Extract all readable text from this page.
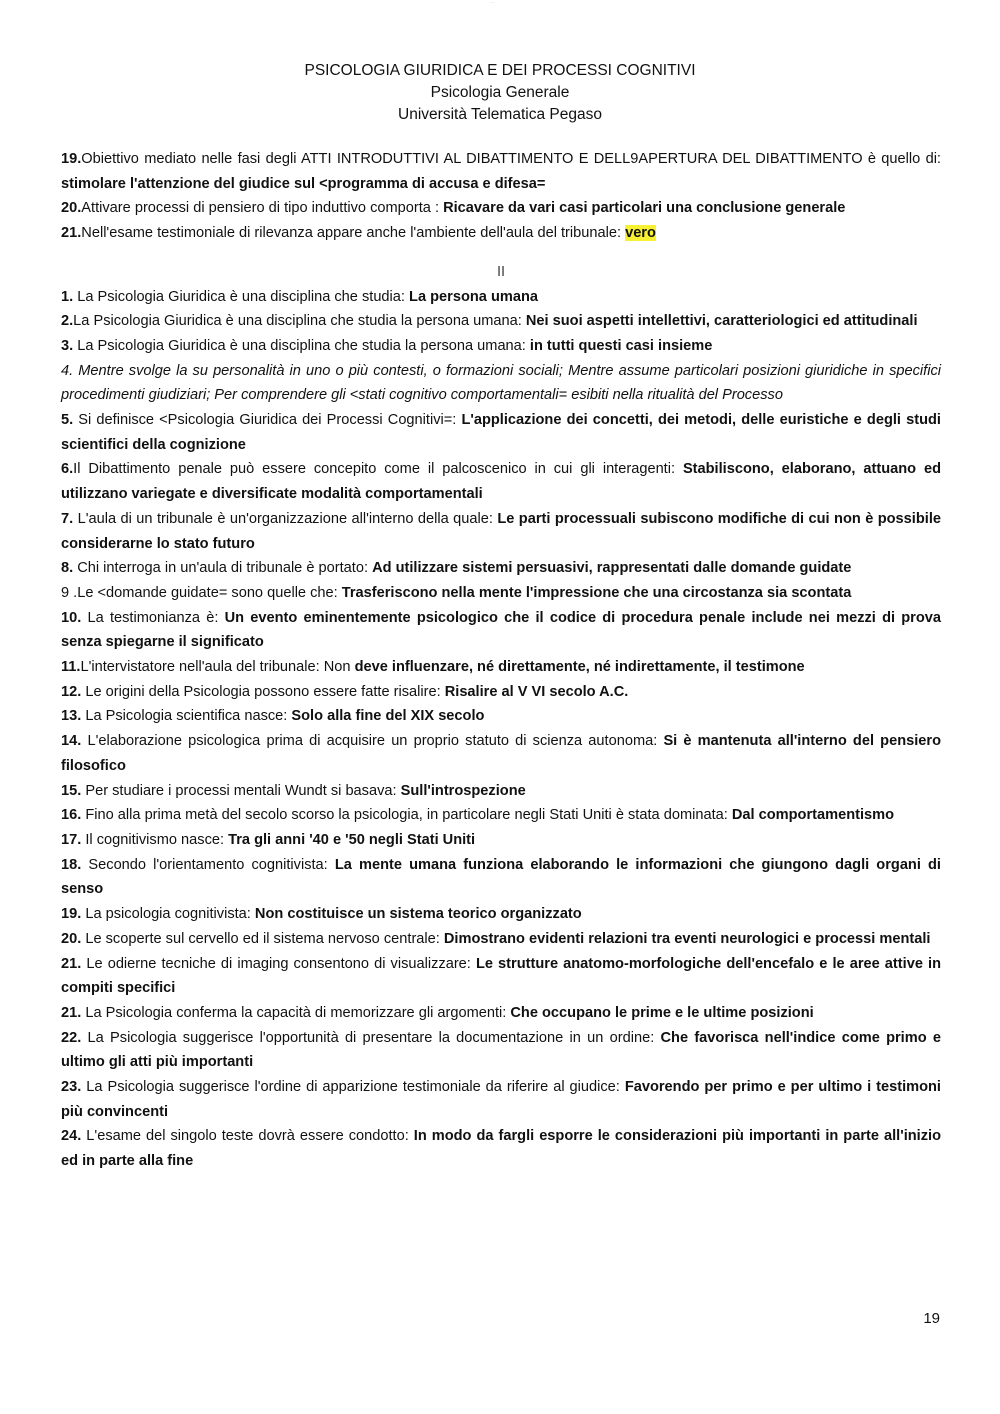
···
PSICOLOGIA GIURIDICA E DEI PROCESSI COGNITIVI
Psicologia Generale
Università Telematica Pegaso

19.Obiettivo mediato nelle fasi degli ATTI INTRODUTTIVI AL DIBATTIMENTO E DELL9APERTURA DEL DIBATTIMENTO è quello di: stimolare l'attenzione del giudice sul <programma di accusa e difesa=

20.Attivare processi di pensiero di tipo induttivo comporta : Ricavare da vari casi particolari una conclusione generale

21.Nell'esame testimoniale di rilevanza appare anche l'ambiente dell'aula del tribunale: vero

II

1. La Psicologia Giuridica è una disciplina che studia: La persona umana

2.La Psicologia Giuridica è una disciplina che studia la persona umana: Nei suoi aspetti intellettivi, caratteriologici ed attitudinali

3. La Psicologia Giuridica è una disciplina che studia la persona umana: in tutti questi casi insieme

4. Mentre svolge la su personalità in uno o più contesti, o formazioni sociali; Mentre assume particolari posizioni giuridiche in specifici procedimenti giudiziari; Per comprendere gli <stati cognitivo comportamentali= esibiti nella ritualità del Processo

5. Si definisce <Psicologia Giuridica dei Processi Cognitivi=: L'applicazione dei concetti, dei metodi, delle euristiche e degli studi scientifici della cognizione

6.Il Dibattimento penale può essere concepito come il palcoscenico in cui gli interagenti: Stabiliscono, elaborano, attuano ed utilizzano variegate e diversificate modalità comportamentali

7. L'aula di un tribunale è un'organizzazione all'interno della quale: Le parti processuali subiscono modifiche di cui non è possibile considerarne lo stato futuro

8. Chi interroga in un'aula di tribunale è portato: Ad utilizzare sistemi persuasivi, rappresentati dalle domande guidate

9 .Le <domande guidate= sono quelle che: Trasferiscono nella mente l'impressione che una circostanza sia scontata

10. La testimonianza è: Un evento eminentemente psicologico che il codice di procedura penale include nei mezzi di prova senza spiegarne il significato

11.L'intervistatore nell'aula del tribunale: Non deve influenzare, né direttamente, né indirettamente, il testimone

12. Le origini della Psicologia possono essere fatte risalire: Risalire al V VI secolo A.C.

13. La Psicologia scientifica nasce: Solo alla fine del XIX secolo

14. L'elaborazione psicologica prima di acquisire un proprio statuto di scienza autonoma: Si è mantenuta all'interno del pensiero filosofico

15. Per studiare i processi mentali Wundt si basava: Sull'introspezione

16. Fino alla prima metà del secolo scorso la psicologia, in particolare negli Stati Uniti è stata dominata: Dal comportamentismo

17. Il cognitivismo nasce: Tra gli anni '40 e '50 negli Stati Uniti

18. Secondo l'orientamento cognitivista: La mente umana funziona elaborando le informazioni che giungono dagli organi di senso

19. La psicologia cognitivista: Non costituisce un sistema teorico organizzato

20. Le scoperte sul cervello ed il sistema nervoso centrale: Dimostrano evidenti relazioni tra eventi neurologici e processi mentali

21. Le odierne tecniche di imaging consentono di visualizzare: Le strutture anatomo-morfologiche dell'encefalo e le aree attive in compiti specifici

21. La Psicologia conferma la capacità di memorizzare gli argomenti: Che occupano le prime e le ultime posizioni

22. La Psicologia suggerisce l'opportunità di presentare la documentazione in un ordine: Che favorisca nell'indice come primo e ultimo gli atti più importanti

23. La Psicologia suggerisce l'ordine di apparizione testimoniale da riferire al giudice: Favorendo per primo e per ultimo i testimoni più convincenti

24. L'esame del singolo teste dovrà essere condotto: In modo da fargli esporre le considerazioni più importanti in parte all'inizio ed in parte alla fine

19
